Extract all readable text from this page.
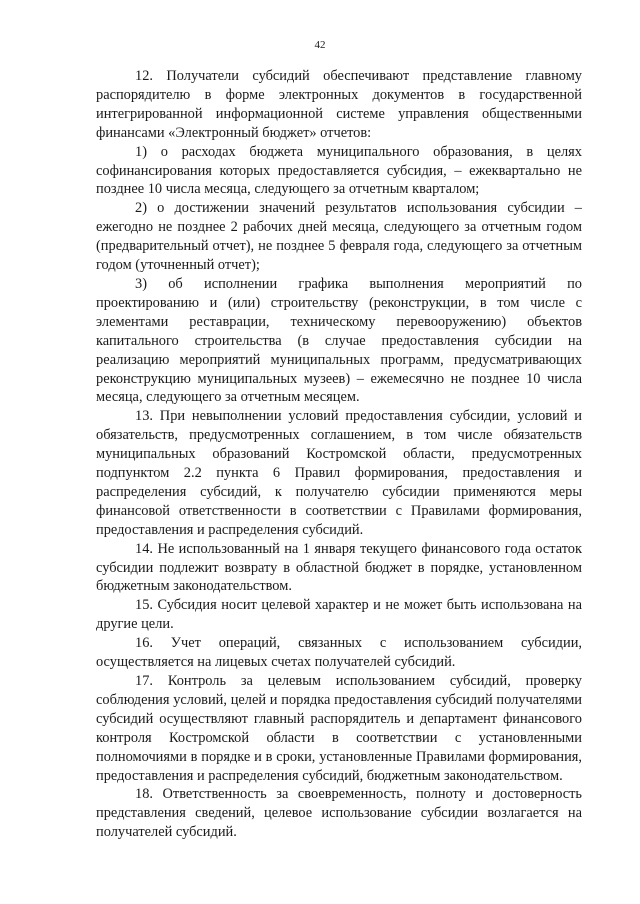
42

12. Получатели субсидий обеспечивают представление главному распорядителю в форме электронных документов в государственной интегрированной информационной системе управления общественными финансами «Электронный бюджет» отчетов:

1) о расходах бюджета муниципального образования, в целях софинансирования которых предоставляется субсидия, – ежеквартально не позднее 10 числа месяца, следующего за отчетным кварталом;

2) о достижении значений результатов использования субсидии – ежегодно не позднее 2 рабочих дней месяца, следующего за отчетным годом (предварительный отчет), не позднее 5 февраля года, следующего за отчетным годом (уточненный отчет);

3) об исполнении графика выполнения мероприятий по проектированию и (или) строительству (реконструкции, в том числе с элементами реставрации, техническому перевооружению) объектов капитального строительства (в случае предоставления субсидии на реализацию мероприятий муниципальных программ, предусматривающих реконструкцию муниципальных музеев) – ежемесячно не позднее 10 числа месяца, следующего за отчетным месяцем.

13. При невыполнении условий предоставления субсидии, условий и обязательств, предусмотренных соглашением, в том числе обязательств муниципальных образований Костромской области, предусмотренных подпунктом 2.2 пункта 6 Правил формирования, предоставления и распределения субсидий, к получателю субсидии применяются меры финансовой ответственности в соответствии с Правилами формирования, предоставления и распределения субсидий.

14. Не использованный на 1 января текущего финансового года остаток субсидии подлежит возврату в областной бюджет в порядке, установленном бюджетным законодательством.

15. Субсидия носит целевой характер и не может быть использована на другие цели.

16. Учет операций, связанных с использованием субсидии, осуществляется на лицевых счетах получателей субсидий.

17. Контроль за целевым использованием субсидий, проверку соблюдения условий, целей и порядка предоставления субсидий получателями субсидий осуществляют главный распорядитель и департамент финансового контроля Костромской области в соответствии с установленными полномочиями в порядке и в сроки, установленные Правилами формирования, предоставления и распределения субсидий, бюджетным законодательством.

18. Ответственность за своевременность, полноту и достоверность представления сведений, целевое использование субсидии возлагается на получателей субсидий.
